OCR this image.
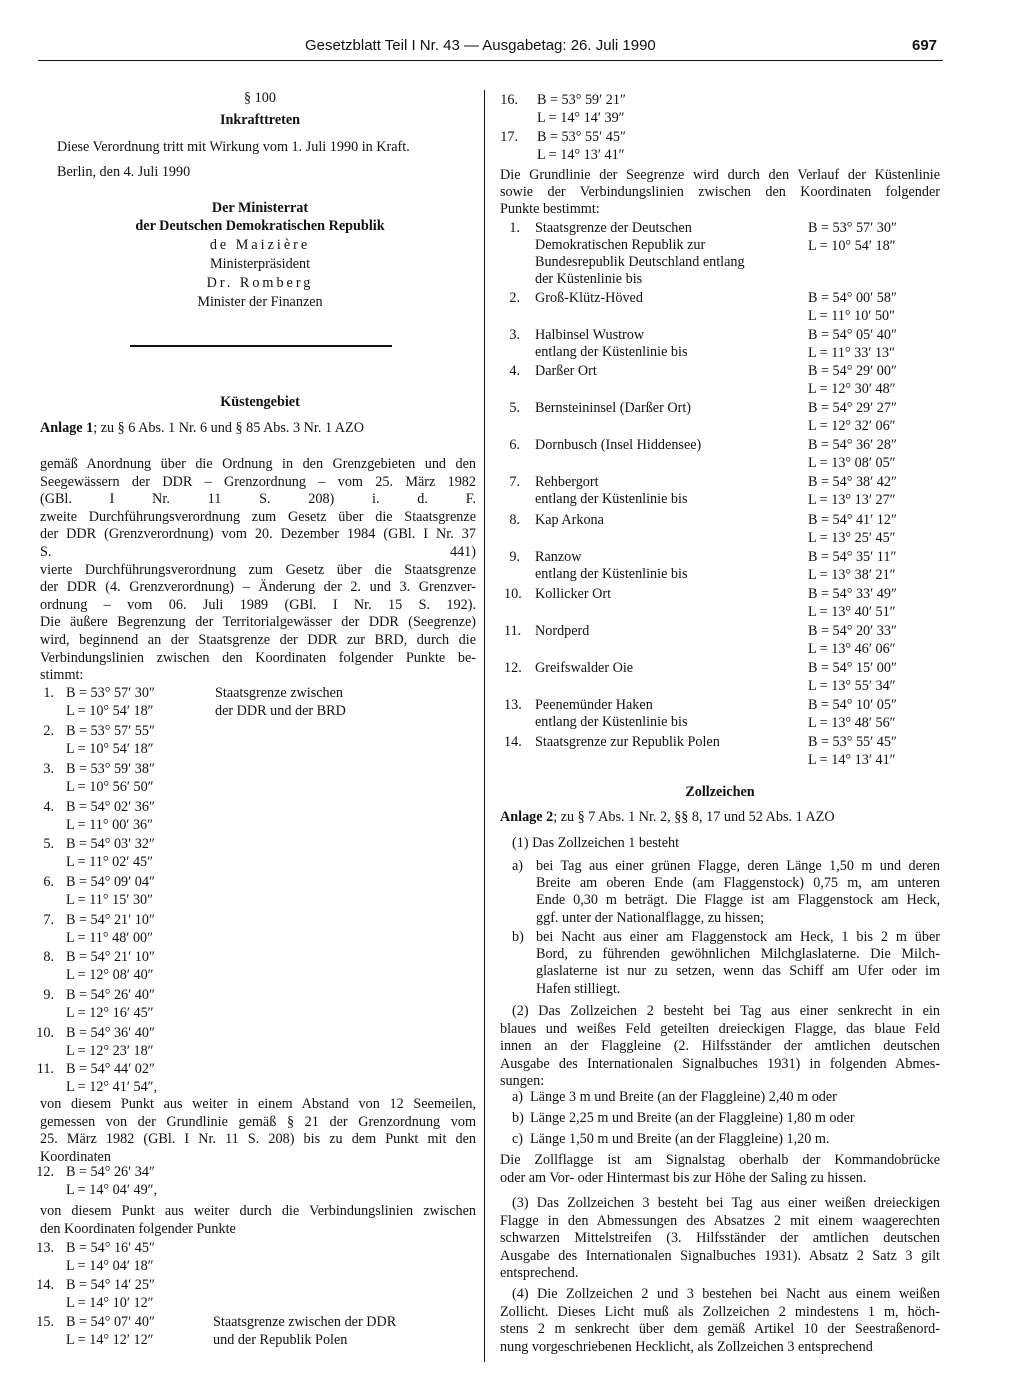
Gesetzblatt Teil I Nr. 43 — Ausgabetag: 26. Juli 1990	697
§ 100
Inkrafttreten
Diese Verordnung tritt mit Wirkung vom 1. Juli 1990 in Kraft.
Berlin, den 4. Juli 1990
Der Ministerrat
der Deutschen Demokratischen Republik
de Maizière
Ministerpräsident
Dr. Romberg
Minister der Finanzen
Küstengebiet
Anlage 1; zu § 6 Abs. 1 Nr. 6 und § 85 Abs. 3 Nr. 1 AZO
gemäß Anordnung über die Ordnung in den Grenzgebieten und den
Seegewässern der DDR – Grenzordnung – vom 25. März 1982
(GBl. I Nr. 11 S. 208) i. d. F.
zweite Durchführungsverordnung zum Gesetz über die Staatsgrenze
der DDR (Grenzverordnung) vom 20. Dezember 1984 (GBl. I Nr. 37
S. 441)
vierte Durchführungsverordnung zum Gesetz über die Staatsgrenze
der DDR (4. Grenzverordnung) – Änderung der 2. und 3. Grenzver-
ordnung – vom 06. Juli 1989 (GBl. I Nr. 15 S. 192).
Die äußere Begrenzung der Territorialgewässer der DDR (Seegrenze)
wird, beginnend an der Staatsgrenze der DDR zur BRD, durch die
Verbindungslinien zwischen den Koordinaten folgender Punkte be-
stimmt:
1. B = 53° 57′ 30″
L = 10° 54′ 18″
Staatsgrenze zwischen
der DDR und der BRD
2. B = 53° 57′ 55″
L = 10° 54′ 18″
3. B = 53° 59′ 38″
L = 10° 56′ 50″
4. B = 54° 02′ 36″
L = 11° 00′ 36″
5. B = 54° 03′ 32″
L = 11° 02′ 45″
6. B = 54° 09′ 04″
L = 11° 15′ 30″
7. B = 54° 21′ 10″
L = 11° 48′ 00″
8. B = 54° 21′ 10″
L = 12° 08′ 40″
9. B = 54° 26′ 40″
L = 12° 16′ 45″
10. B = 54° 36′ 40″
L = 12° 23′ 18″
11. B = 54° 44′ 02″
L = 12° 41′ 54″,
von diesem Punkt aus weiter in einem Abstand von 12 Seemeilen,
gemessen von der Grundlinie gemäß § 21 der Grenzordnung vom
25. März 1982 (GBl. I Nr. 11 S. 208) bis zu dem Punkt mit den
Koordinaten
12. B = 54° 26′ 34″
L = 14° 04′ 49″,
von diesem Punkt aus weiter durch die Verbindungslinien zwischen
den Koordinaten folgender Punkte
13. B = 54° 16′ 45″
L = 14° 04′ 18″
14. B = 54° 14′ 25″
L = 14° 10′ 12″
15. B = 54° 07′ 40″
L = 14° 12′ 12″
Staatsgrenze zwischen der DDR
und der Republik Polen
16. B = 53° 59′ 21″
L = 14° 14′ 39″
17. B = 53° 55′ 45″
L = 14° 13′ 41″
Die Grundlinie der Seegrenze wird durch den Verlauf der Küstenlinie
sowie der Verbindungslinien zwischen den Koordinaten folgender
Punkte bestimmt:
1. Staatsgrenze der Deutschen
Demokratischen Republik zur
Bundesrepublik Deutschland entlang
der Küstenlinie bis
B = 53° 57′ 30″
L = 10° 54′ 18″
2. Groß-Klütz-Höved	B = 54° 00′ 58″
L = 11° 10′ 50″
3. Halbinsel Wustrow
entlang der Küstenlinie bis
B = 54° 05′ 40″
L = 11° 33′ 13″
4. Darßer Ort	B = 54° 29′ 00″
L = 12° 30′ 48″
5. Bernsteininsel (Darßer Ort)	B = 54° 29′ 27″
L = 12° 32′ 06″
6. Dornbusch (Insel Hiddensee)	B = 54° 36′ 28″
L = 13° 08′ 05″
7. Rehbergort
entlang der Küstenlinie bis
B = 54° 38′ 42″
L = 13° 13′ 27″
8. Kap Arkona	B = 54° 41′ 12″
L = 13° 25′ 45″
9. Ranzow
entlang der Küstenlinie bis
B = 54° 35′ 11″
L = 13° 38′ 21″
10. Kollicker Ort	B = 54° 33′ 49″
L = 13° 40′ 51″
11. Nordperd	B = 54° 20′ 33″
L = 13° 46′ 06″
12. Greifswalder Oie	B = 54° 15′ 00″
L = 13° 55′ 34″
13. Peenemünder Haken
entlang der Küstenlinie bis
B = 54° 10′ 05″
L = 13° 48′ 56″
14. Staatsgrenze zur Republik Polen	B = 53° 55′ 45″
L = 14° 13′ 41″
Zollzeichen
Anlage 2; zu § 7 Abs. 1 Nr. 2, §§ 8, 17 und 52 Abs. 1 AZO
(1) Das Zollzeichen 1 besteht
a) bei Tag aus einer grünen Flagge, deren Länge 1,50 m und deren
Breite am oberen Ende (am Flaggenstock) 0,75 m, am unteren
Ende 0,30 m beträgt. Die Flagge ist am Flaggenstock am Heck,
ggf. unter der Nationalflagge, zu hissen;
b) bei Nacht aus einer am Flaggenstock am Heck, 1 bis 2 m über
Bord, zu führenden gewöhnlichen Milchglaslaterne. Die Milch-
glaslaterne ist nur zu setzen, wenn das Schiff am Ufer oder im
Hafen stilliegt.
(2) Das Zollzeichen 2 besteht bei Tag aus einer senkrecht in ein
blaues und weißes Feld geteilten dreieckigen Flagge, das blaue Feld
innen an der Flaggleine (2. Hilfsständer der amtlichen deutschen
Ausgabe des Internationalen Signalbuches 1931) in folgenden Abmes-
sungen:
a) Länge 3 m und Breite (an der Flaggleine) 2,40 m oder
b) Länge 2,25 m und Breite (an der Flaggleine) 1,80 m oder
c) Länge 1,50 m und Breite (an der Flaggleine) 1,20 m.
Die Zollflagge ist am Signalstag oberhalb der Kommandobrücke
oder am Vor- oder Hintermast bis zur Höhe der Saling zu hissen.
(3) Das Zollzeichen 3 besteht bei Tag aus einer weißen dreieckigen
Flagge in den Abmessungen des Absatzes 2 mit einem waagerechten
schwarzen Mittelstreifen (3. Hilfsständer der amtlichen deutschen
Ausgabe des Internationalen Signalbuches 1931). Absatz 2 Satz 3 gilt
entsprechend.
(4) Die Zollzeichen 2 und 3 bestehen bei Nacht aus einem weißen
Zollicht. Dieses Licht muß als Zollzeichen 2 mindestens 1 m, höch-
stens 2 m senkrecht über dem gemäß Artikel 10 der Seestraßenord-
nung vorgeschriebenen Hecklicht, als Zollzeichen 3 entsprechend
